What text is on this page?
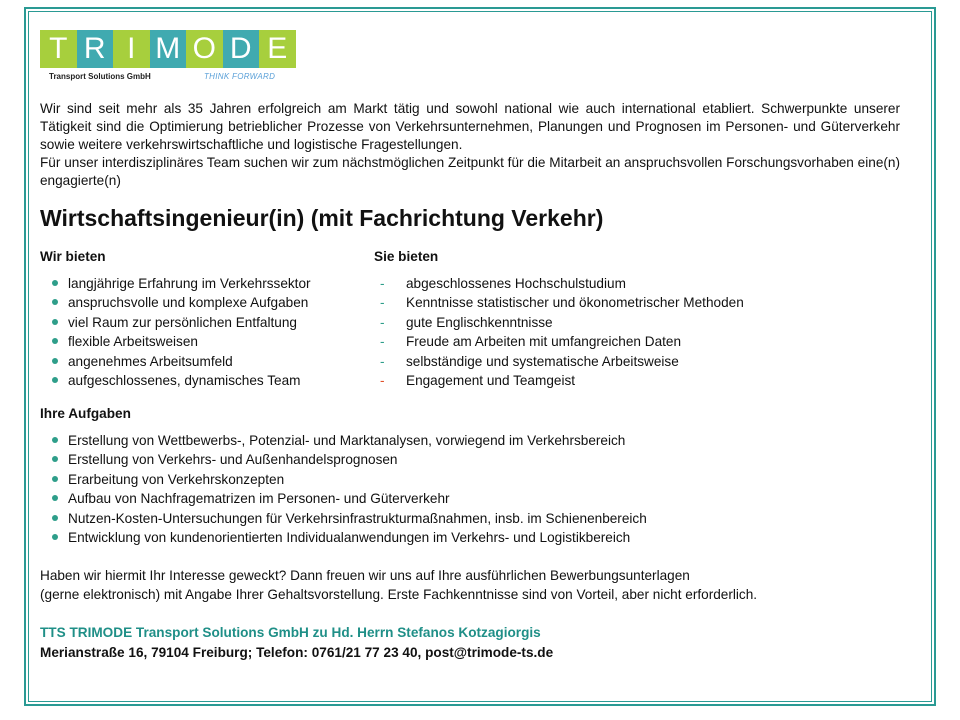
T R I M O D E
Transport Solutions GmbH	THINK FORWARD

Wir sind seit mehr als 35 Jahren erfolgreich am Markt tätig und sowohl national wie auch international etabliert. Schwerpunkte unserer Tätigkeit sind die Optimierung betrieblicher Prozesse von Verkehrsunternehmen, Planungen und Prognosen im Personen- und Güterverkehr sowie weitere verkehrswirtschaftliche und logistische Fragestellungen.

Für unser interdisziplinäres Team suchen wir zum nächstmöglichen Zeitpunkt für die Mitarbeit an anspruchsvollen Forschungsvorhaben eine(n) engagierte(n)

Wirtschaftsingenieur(in) (mit Fachrichtung Verkehr)
Wir bieten	Sie bieten
langjährige Erfahrung im Verkehrssektor
anspruchsvolle und komplexe Aufgaben
viel Raum zur persönlichen Entfaltung
flexible Arbeitsweisen
angenehmes Arbeitsumfeld
aufgeschlossenes, dynamisches Team
- abgeschlossenes Hochschulstudium
- Kenntnisse statistischer und ökonometrischer Methoden
- gute Englischkenntnisse
- Freude am Arbeiten mit umfangreichen Daten
- selbständige und systematische Arbeitsweise
- Engagement und Teamgeist
Ihre Aufgaben
Erstellung von Wettbewerbs-, Potenzial- und Marktanalysen, vorwiegend im Verkehrsbereich
Erstellung von Verkehrs- und Außenhandelsprognosen
Erarbeitung von Verkehrskonzepten
Aufbau von Nachfragematrizen im Personen- und Güterverkehr
Nutzen-Kosten-Untersuchungen für Verkehrsinfrastrukturmaßnahmen, insb. im Schienenbereich
Entwicklung von kundenorientierten Individualanwendungen im Verkehrs- und Logistikbereich

Haben wir hiermit Ihr Interesse geweckt? Dann freuen wir uns auf Ihre ausführlichen Bewerbungsunterlagen

(gerne elektronisch) mit Angabe Ihrer Gehaltsvorstellung. Erste Fachkenntnisse sind von Vorteil, aber nicht erforderlich.

TTS TRIMODE Transport Solutions GmbH zu Hd. Herrn Stefanos Kotzagiorgis
Merianstraße 16, 79104 Freiburg; Telefon: 0761/21 77 23 40, post@trimode-ts.de
